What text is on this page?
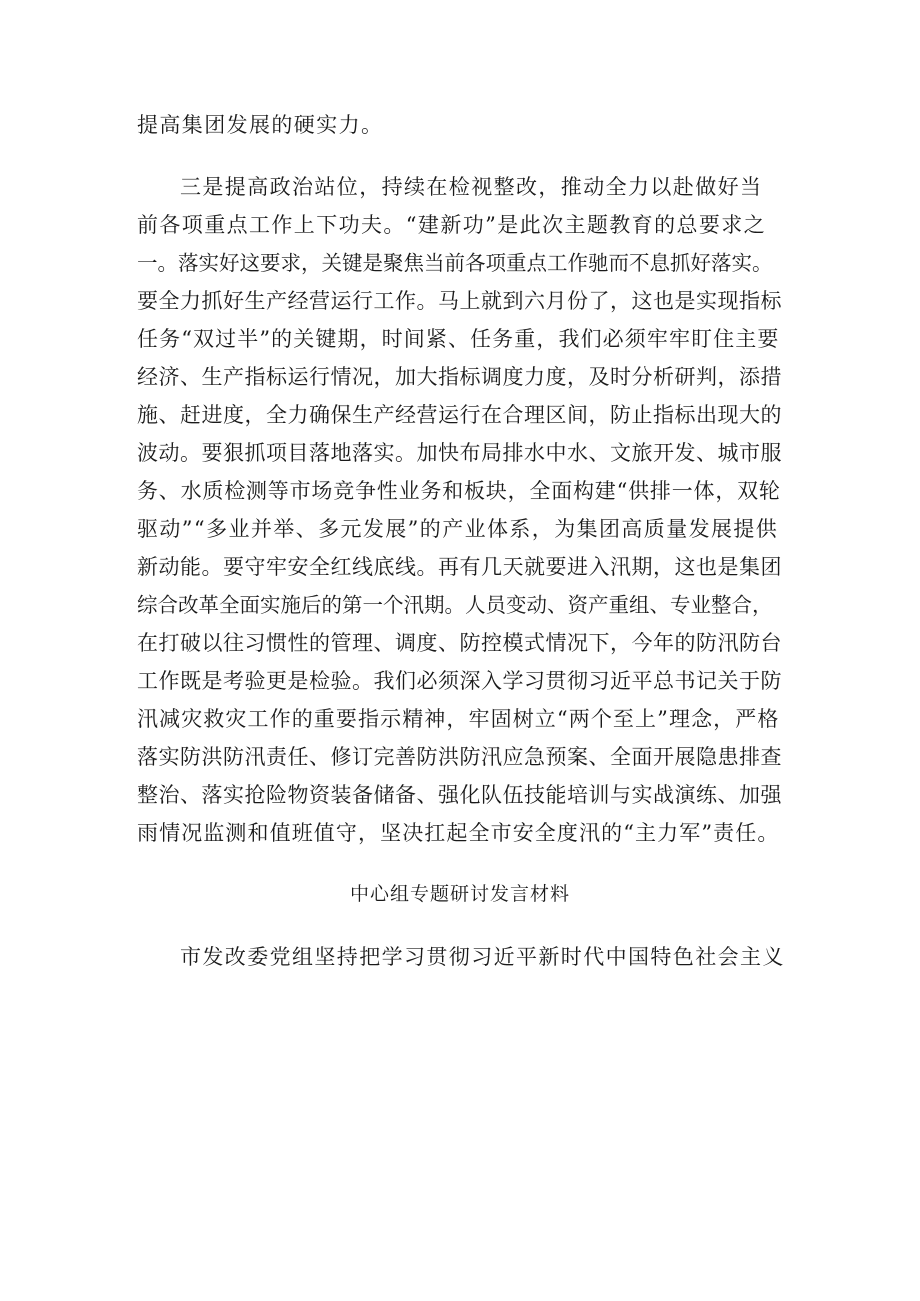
提高集团发展的硬实力。
三是提高政治站位，持续在检视整改，推动全力以赴做好当
前各项重点工作上下功夫。“建新功”是此次主题教育的总要求之
一。落实好这要求，关键是聚焦当前各项重点工作驰而不息抓好落实。
要全力抓好生产经营运行工作。马上就到六月份了，这也是实现指标
任务“双过半”的关键期，时间紧、任务重，我们必须牢牢盯住主要
经济、生产指标运行情况，加大指标调度力度，及时分析研判，添措
施、赶进度，全力确保生产经营运行在合理区间，防止指标出现大的
波动。要狠抓项目落地落实。加快布局排水中水、文旅开发、城市服
务、水质检测等市场竞争性业务和板块，全面构建“供排一体，双轮
驱动”“多业并举、多元发展”的产业体系，为集团高质量发展提供
新动能。要守牢安全红线底线。再有几天就要进入汛期，这也是集团
综合改革全面实施后的第一个汛期。人员变动、资产重组、专业整合，
在打破以往习惯性的管理、调度、防控模式情况下，今年的防汛防台
工作既是考验更是检验。我们必须深入学习贯彻习近平总书记关于防
汛减灾救灾工作的重要指示精神，牢固树立“两个至上”理念，严格
落实防洪防汛责任、修订完善防洪防汛应急预案、全面开展隐患排查
整治、落实抢险物资装备储备、强化队伍技能培训与实战演练、加强
雨情况监测和值班值守，坚决扛起全市安全度汛的“主力军”责任。
中心组专题研讨发言材料
市发改委党组坚持把学习贯彻习近平新时代中国特色社会主义
